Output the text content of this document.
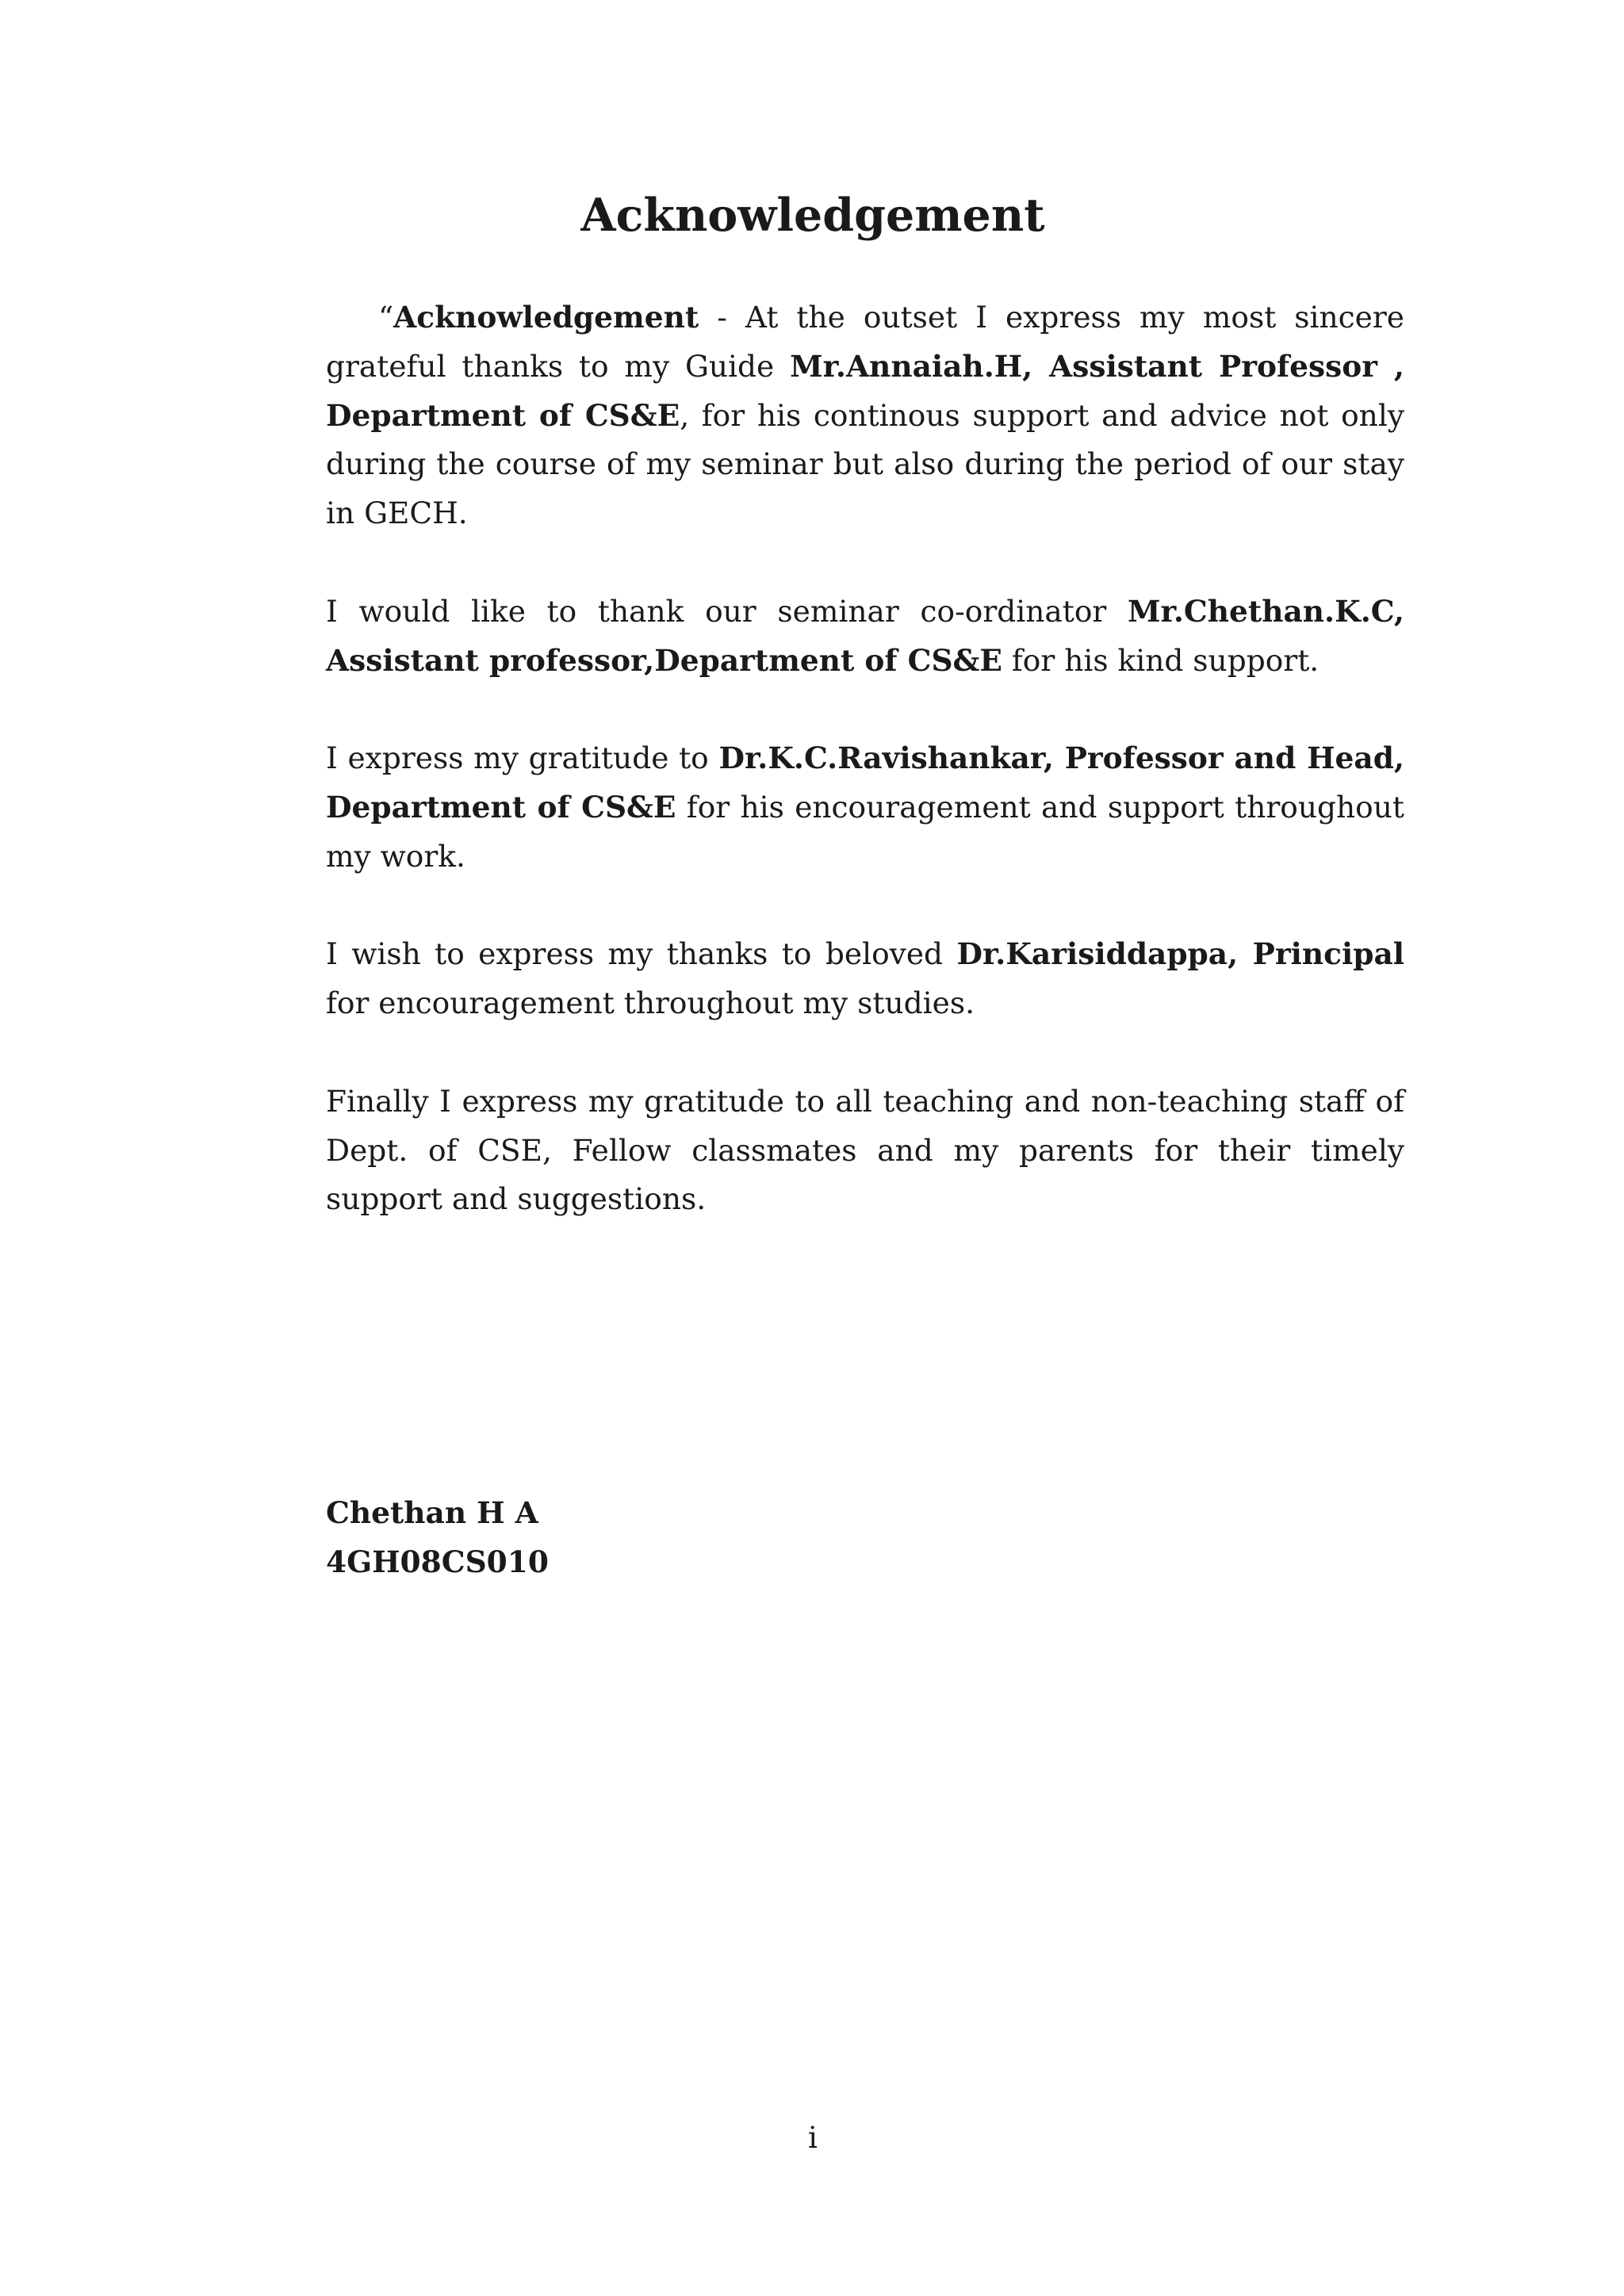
Acknowledgement

“Acknowledgement - At the outset I express my most sincere grateful thanks to my Guide Mr.Annaiah.H, Assistant Professor , Department of CS&E, for his continous support and advice not only during the course of my seminar but also during the period of our stay in GECH.

I would like to thank our seminar co-ordinator Mr.Chethan.K.C, Assistant professor,Department of CS&E for his kind support.

I express my gratitude to Dr.K.C.Ravishankar, Professor and Head, Department of CS&E for his encouragement and support throughout my work.

I wish to express my thanks to beloved Dr.Karisiddappa, Principal for encouragement throughout my studies.

Finally I express my gratitude to all teaching and non-teaching staff of Dept. of CSE, Fellow classmates and my parents for their timely support and suggestions.

Chethan H A
4GH08CS010
i
